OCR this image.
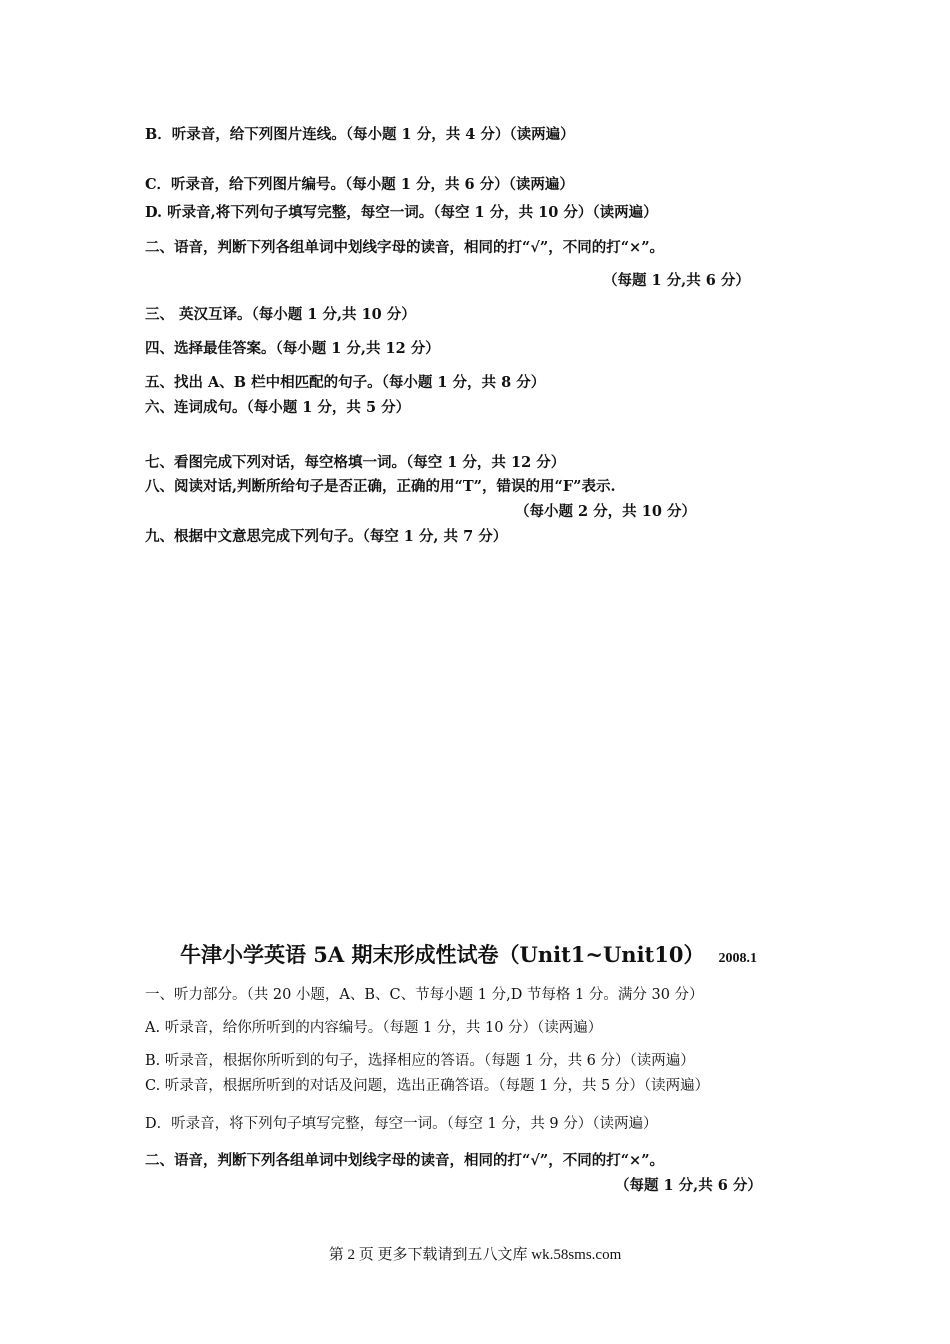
B．听录音，给下列图片连线。（每小题 1 分，共 4 分）（读两遍）
C．听录音，给下列图片编号。（每小题 1 分，共 6 分）（读两遍）
D. 听录音,将下列句子填写完整，每空一词。（每空 1 分，共 10 分）（读两遍）
二、语音，判断下列各组单词中划线字母的读音，相同的打“√”，不同的打“×”。
（每题 1 分,共 6 分）
三、 英汉互译。（每小题 1 分,共 10 分）
四、选择最佳答案。（每小题 1 分,共 12 分）
五、找出 A、B 栏中相匹配的句子。（每小题 1 分，共 8 分）
六、连词成句。（每小题 1 分，共 5 分）
七、看图完成下列对话，每空格填一词。（每空 1 分，共 12 分）
八、阅读对话,判断所给句子是否正确，正确的用“T”，错误的用“F”表示.
（每小题 2 分，共 10 分）
九、根据中文意思完成下列句子。（每空 1 分, 共 7 分）
牛津小学英语 5A 期末形成性试卷（Unit1~Unit10） 2008.1
一、听力部分。（共 20 小题，A、B、C、节每小题 1 分,D 节每格 1 分。满分 30 分）
A. 听录音，给你所听到的内容编号。（每题 1 分，共 10 分）（读两遍）
B. 听录音，根据你所听到的句子，选择相应的答语。（每题 1 分，共 6 分）（读两遍）
C. 听录音，根据所听到的对话及问题，选出正确答语。（每题 1 分，共 5 分）（读两遍）
D．听录音，将下列句子填写完整，每空一词。（每空 1 分，共 9 分）（读两遍）
二、语音，判断下列各组单词中划线字母的读音，相同的打“√”，不同的打“×”。
（每题 1 分,共 6 分）
第 2 页 更多下载请到五八文库 wk.58sms.com
